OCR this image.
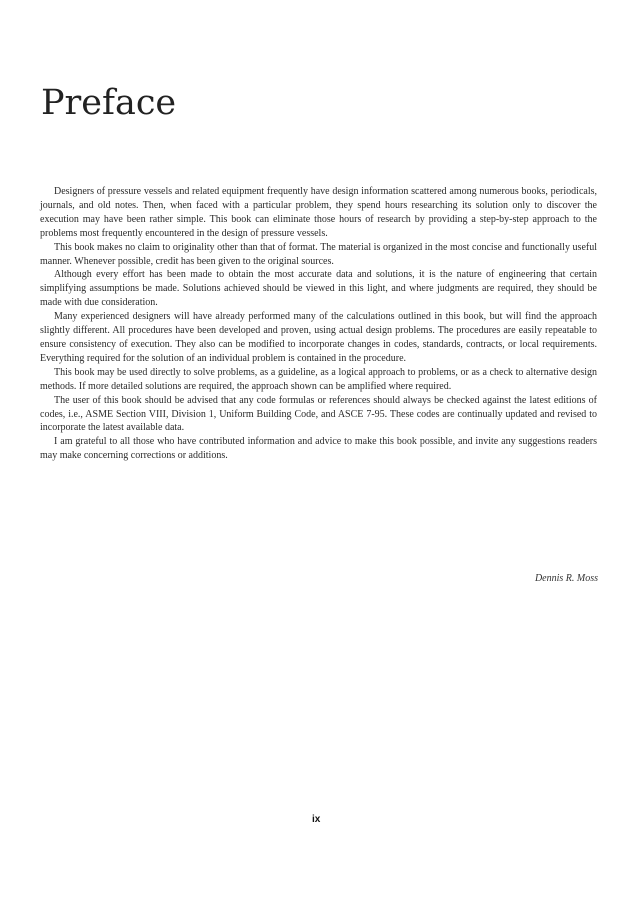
Preface

Designers of pressure vessels and related equipment frequently have design information scattered among numerous books, periodicals, journals, and old notes. Then, when faced with a particular problem, they spend hours researching its solution only to discover the execution may have been rather simple. This book can eliminate those hours of research by providing a step-by-step approach to the problems most frequently encountered in the design of pressure vessels.

This book makes no claim to originality other than that of format. The material is organized in the most concise and functionally useful manner. Whenever possible, credit has been given to the original sources.

Although every effort has been made to obtain the most accurate data and solutions, it is the nature of engineering that certain simplifying assumptions be made. Solutions achieved should be viewed in this light, and where judgments are required, they should be made with due consideration.

Many experienced designers will have already performed many of the calculations outlined in this book, but will find the approach slightly different. All procedures have been developed and proven, using actual design problems. The procedures are easily repeatable to ensure consistency of execution. They also can be modified to incorporate changes in codes, standards, contracts, or local requirements. Everything required for the solution of an individual problem is contained in the procedure.

This book may be used directly to solve problems, as a guideline, as a logical approach to problems, or as a check to alternative design methods. If more detailed solutions are required, the approach shown can be amplified where required.

The user of this book should be advised that any code formulas or references should always be checked against the latest editions of codes, i.e., ASME Section VIII, Division 1, Uniform Building Code, and ASCE 7-95. These codes are continually updated and revised to incorporate the latest available data.

I am grateful to all those who have contributed information and advice to make this book possible, and invite any suggestions readers may make concerning corrections or additions.

Dennis R. Moss

ix
